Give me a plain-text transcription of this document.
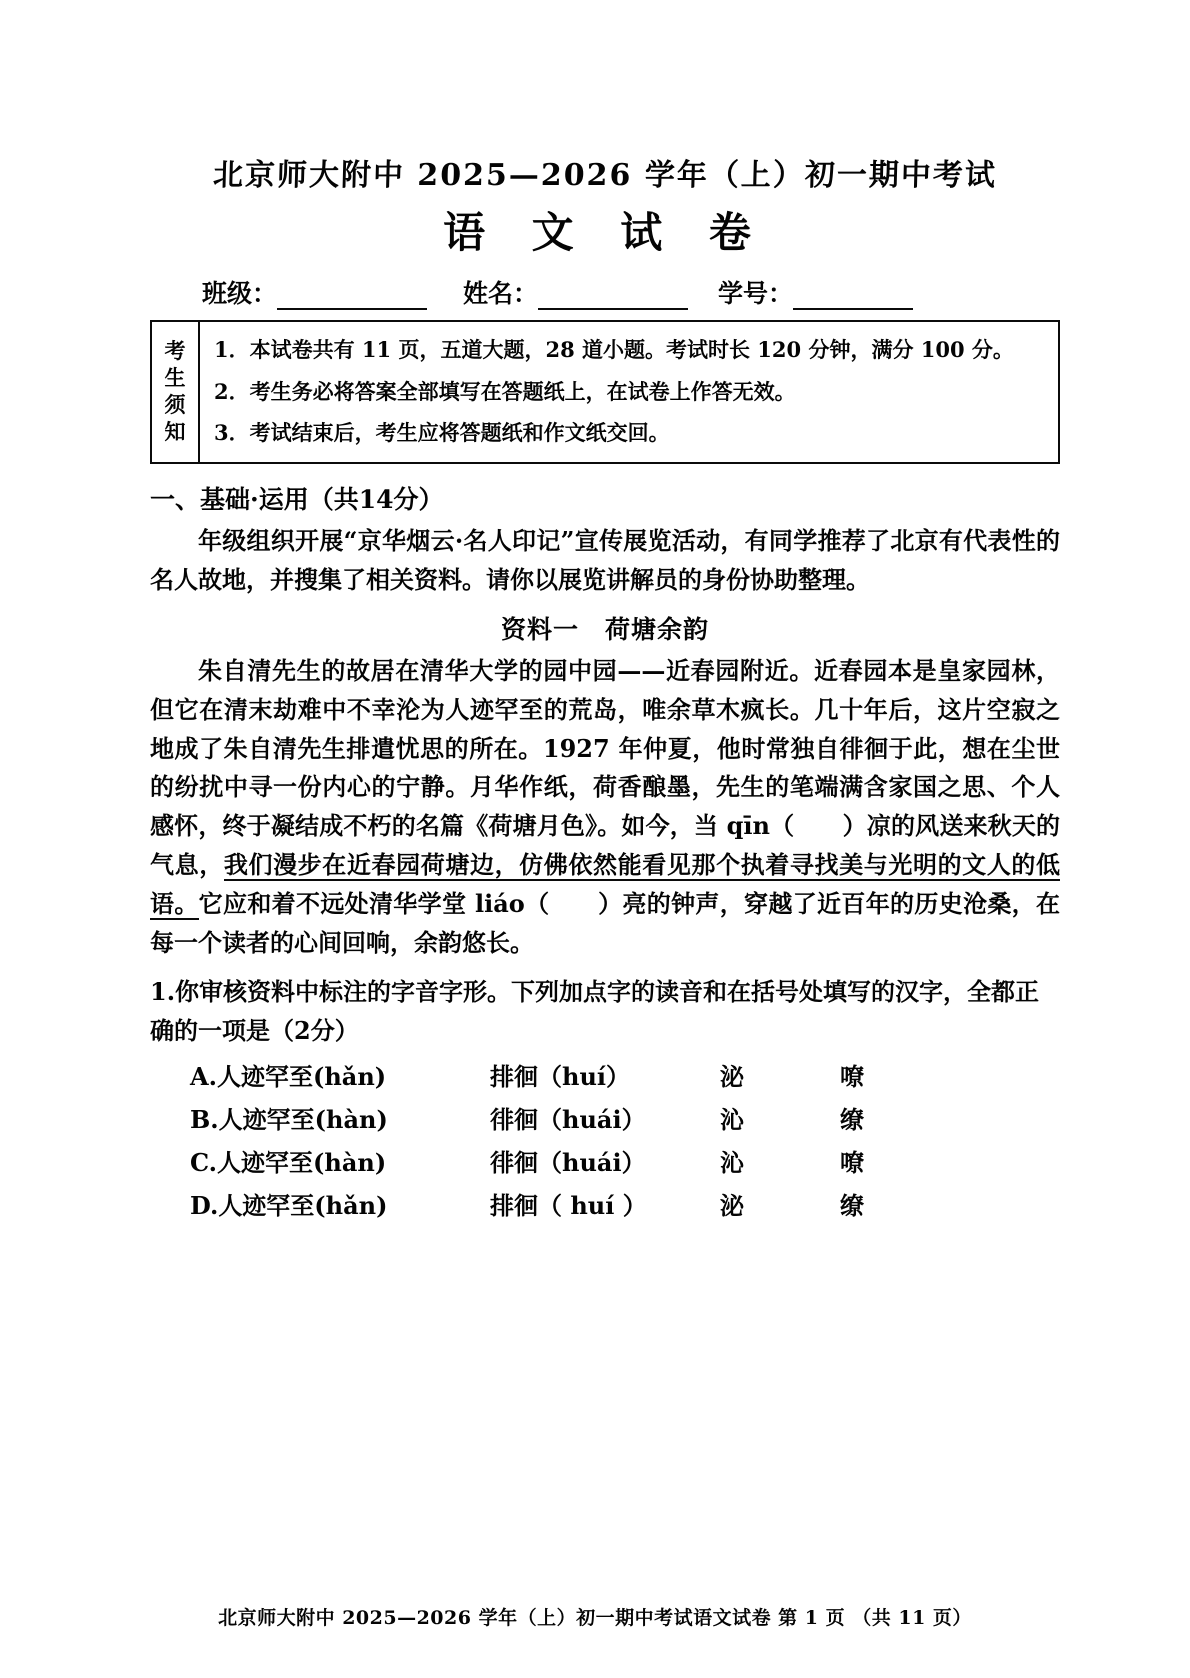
北京师大附中 2025—2026 学年（上）初一期中考试
语 文 试 卷
班级：	姓名：	学号：
考
生
须
知
1．本试卷共有 11 页，五道大题，28 道小题。考试时长 120 分钟，满分 100 分。
2．考生务必将答案全部填写在答题纸上，在试卷上作答无效。
3．考试结束后，考生应将答题纸和作文纸交回。
一、基础·运用（共14分）
年级组织开展“京华烟云·名人印记”宣传展览活动，有同学推荐了北京有代表性的名人故地，并搜集了相关资料。请你以展览讲解员的身份协助整理。
资料一　荷塘余韵
朱自清先生的故居在清华大学的园中园——近春园附近。近春园本是皇家园林，但它在清末劫难中不幸沦为人迹罕至的荒岛，唯余草木疯长。几十年后，这片空寂之地成了朱自清先生排遣忧思的所在。1927 年仲夏，他时常独自徘徊于此，想在尘世的纷扰中寻一份内心的宁静。月华作纸，荷香酿墨，先生的笔端满含家国之思、个人感怀，终于凝结成不朽的名篇《荷塘月色》。如今，当 qīn（　　）凉的风送来秋天的气息，我们漫步在近春园荷塘边，仿佛依然能看见那个执着寻找美与光明的文人的低语。它应和着不远处清华学堂 liáo（　　）亮的钟声，穿越了近百年的历史沧桑，在每一个读者的心间回响，余韵悠长。
1.你审核资料中标注的字音字形。下列加点字的读音和在括号处填写的汉字，全都正确的一项是（2分）
A.人迹罕至(hǎn)	排徊（huí）	泌	嘹
B.人迹罕至(hàn)	徘徊（huái）	沁	缭
C.人迹罕至(hàn)	徘徊（huái）	沁	嘹
D.人迹罕至(hǎn)	排徊（ huí ）	泌	缭
北京师大附中 2025—2026 学年（上）初一期中考试语文试卷 第 1 页 （共 11 页）
